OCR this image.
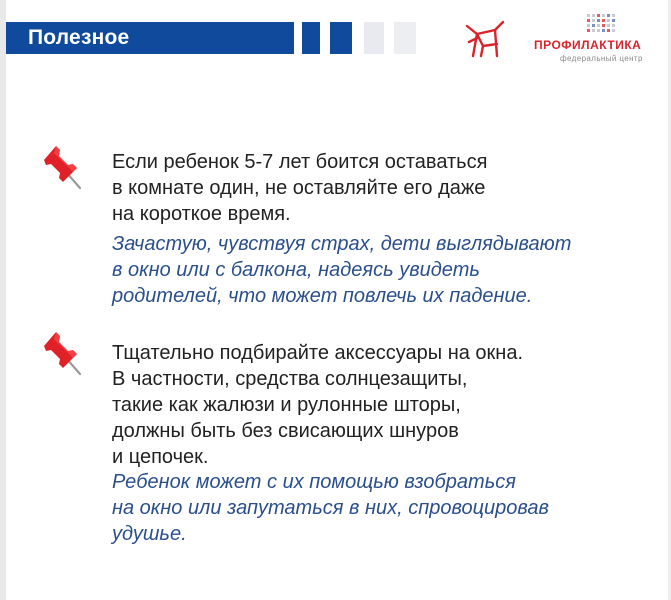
Полезное	ПРОФИЛАКТИКА
федеральный центр
Если ребенок 5-7 лет боится оставаться
в комнате один, не оставляйте его даже
на короткое время.
Зачастую, чувствуя страх, дети выглядывают
в окно или с балкона, надеясь увидеть
родителей, что может повлечь их падение.
Тщательно подбирайте аксессуары на окна.
В частности, средства солнцезащиты,
такие как жалюзи и рулонные шторы,
должны быть без свисающих шнуров
и цепочек.
Ребенок может с их помощью взобраться
на окно или запутаться в них, спровоцировав
удушье.
